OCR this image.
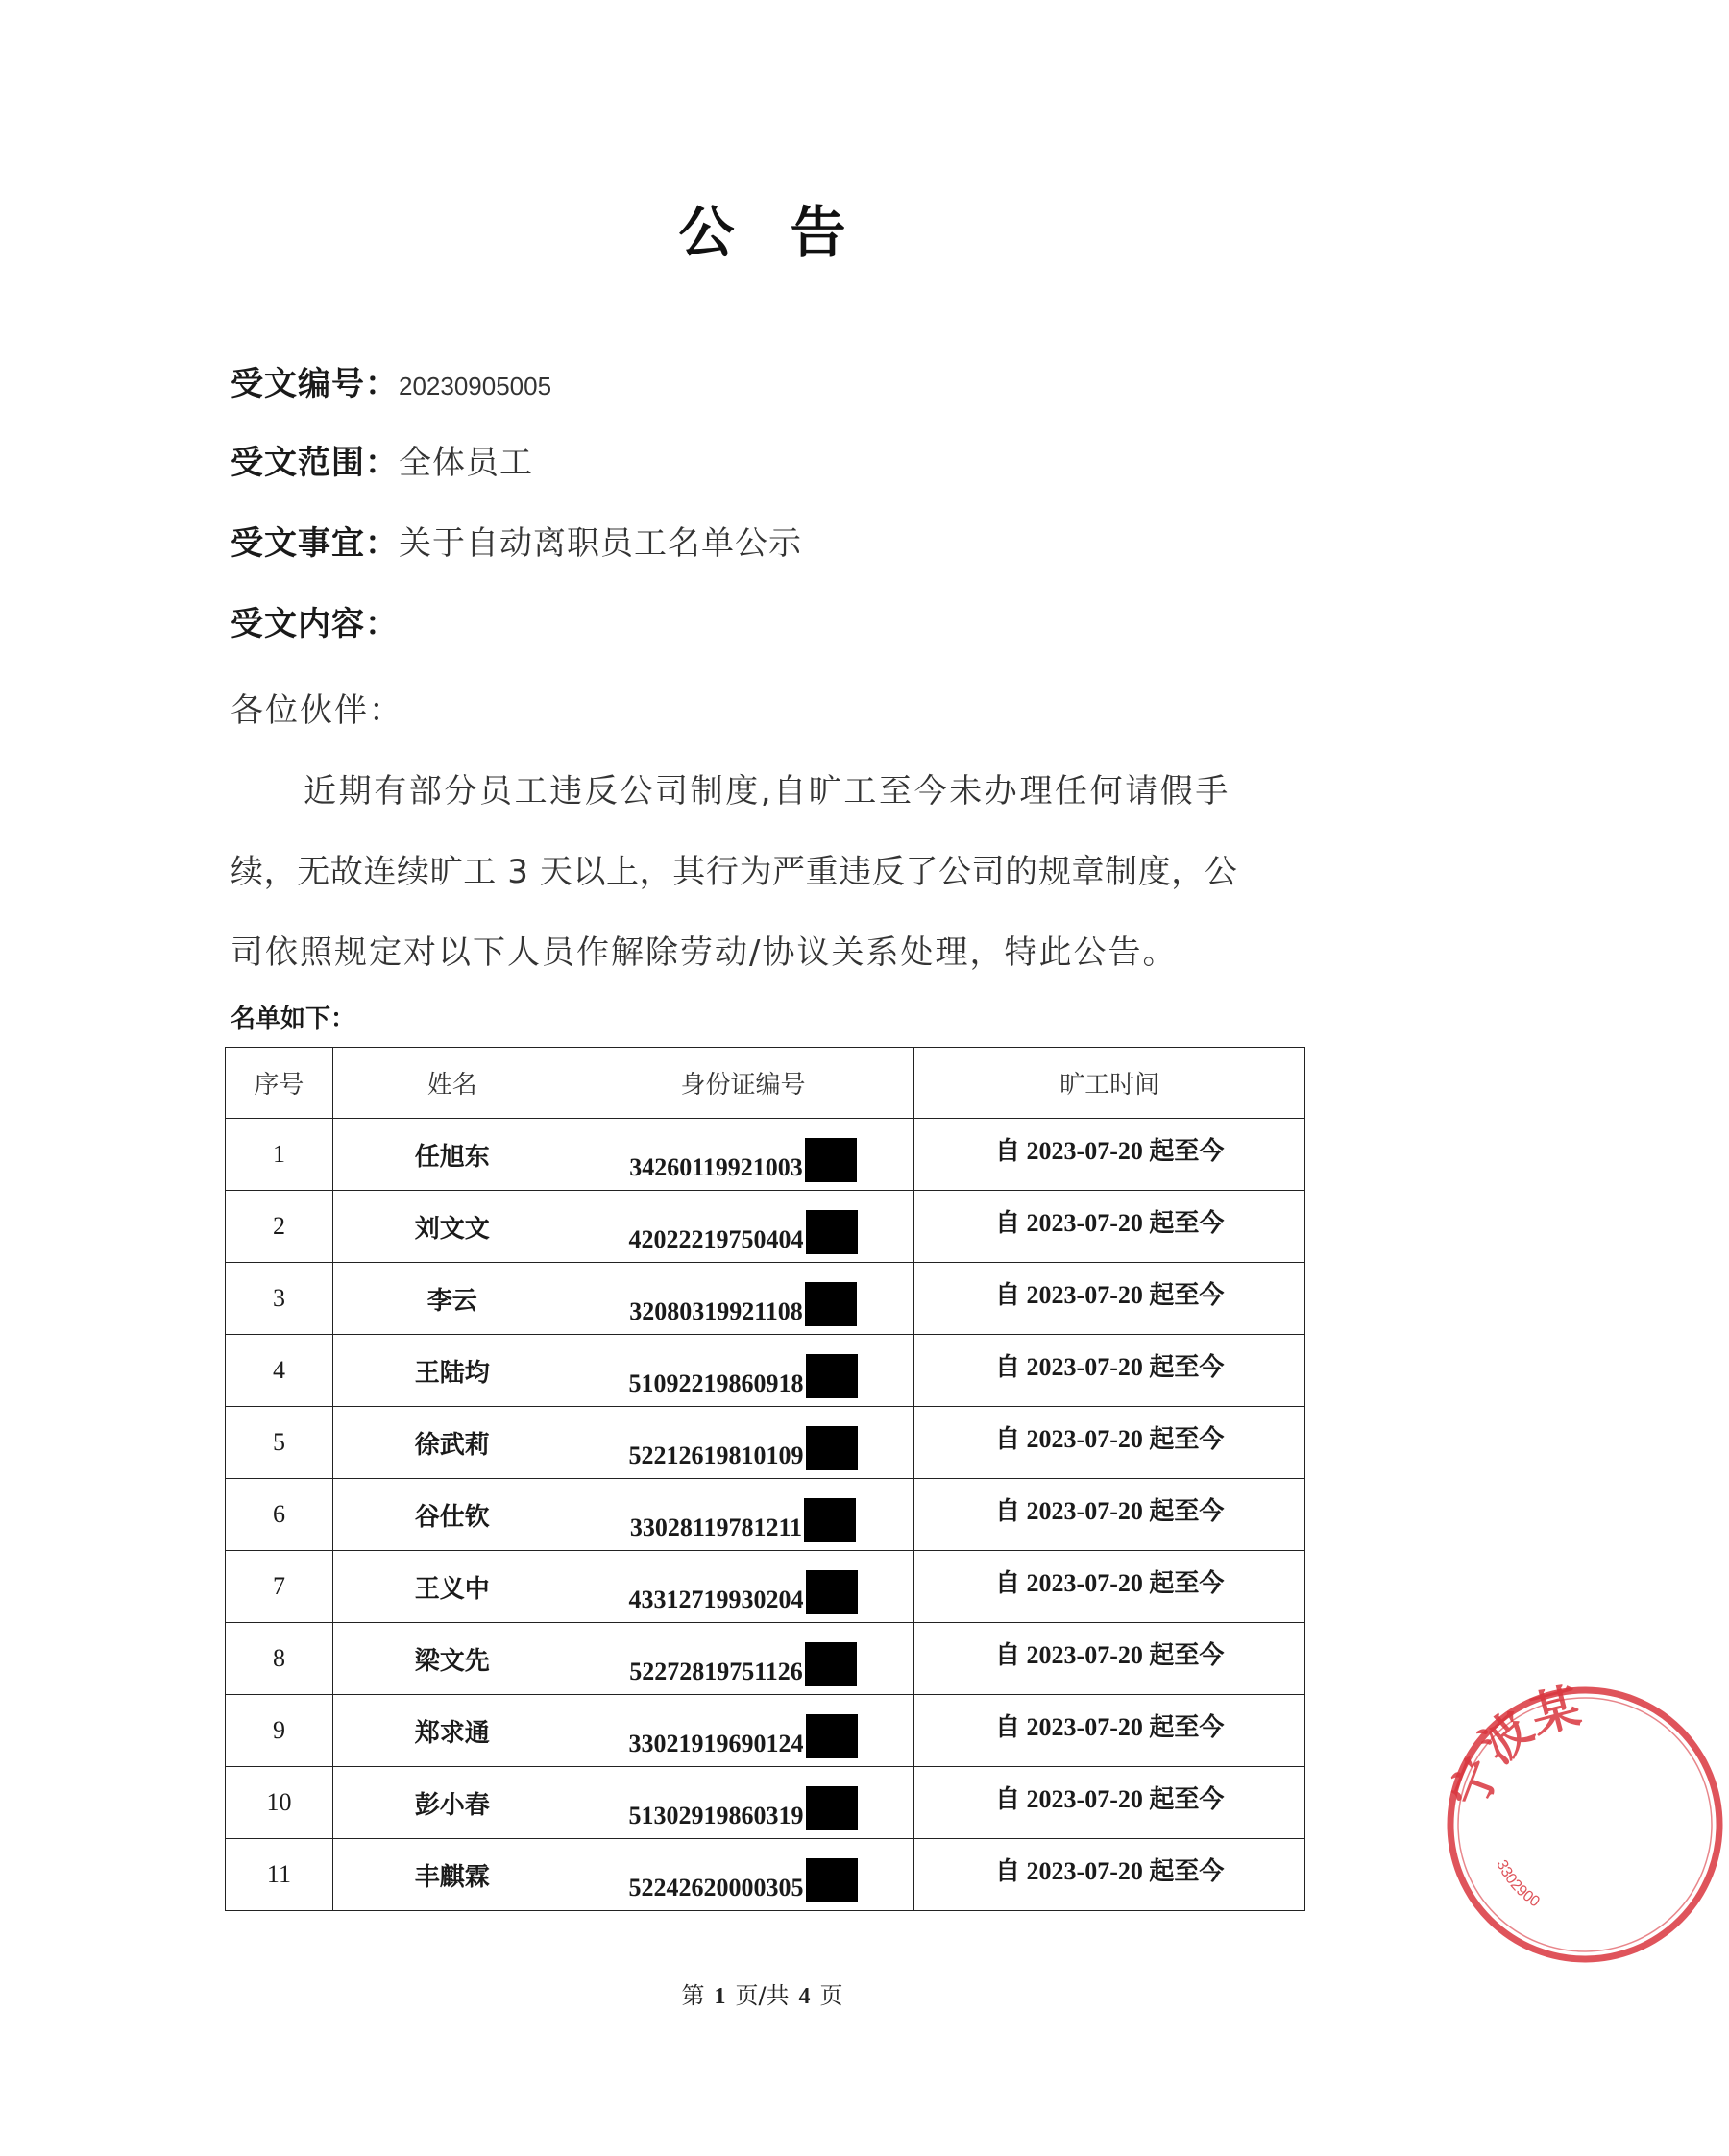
公告
受文编号：20230905005
受文范围：全体员工
受文事宜：关于自动离职员工名单公示
受文内容：
各位伙伴：
近期有部分员工违反公司制度,自旷工至今未办理任何请假手
续，无故连续旷工 3 天以上，其行为严重违反了公司的规章制度，公
司依照规定对以下人员作解除劳动/协议关系处理，特此公告。
名单如下：
序号	姓名	身份证编号	旷工时间
1	任旭东	34260119921003	自 2023-07-20 起至今
2	刘文文	42022219750404	自 2023-07-20 起至今
3	李云	32080319921108	自 2023-07-20 起至今
4	王陆均	51092219860918	自 2023-07-20 起至今
5	徐武莉	52212619810109	自 2023-07-20 起至今
6	谷仕钦	33028119781211	自 2023-07-20 起至今
7	王义中	43312719930204	自 2023-07-20 起至今
8	梁文先	52272819751126	自 2023-07-20 起至今
9	郑求通	33021919690124	自 2023-07-20 起至今
10	彭小春	51302919860319	自 2023-07-20 起至今
11	丰麒霖	52242620000305	自 2023-07-20 起至今
第 1 页/共 4 页
宁波某
3302900
